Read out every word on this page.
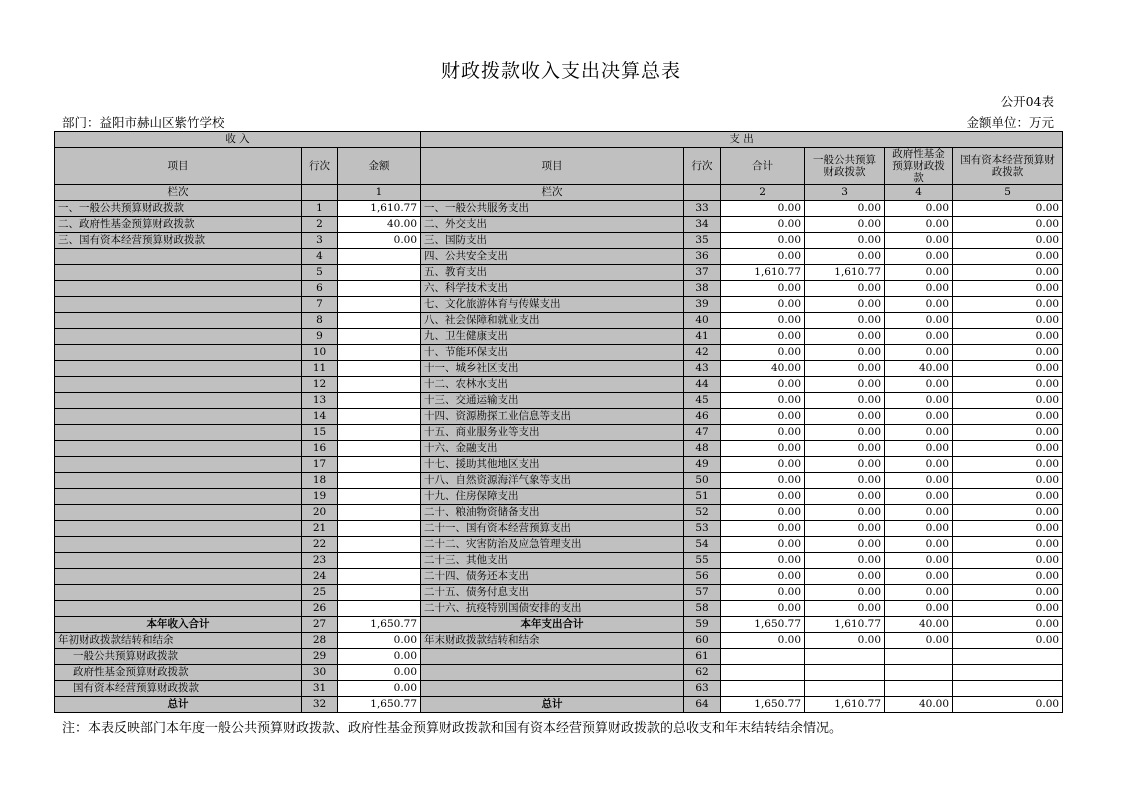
财政拨款收入支出决算总表
公开04表
部门：益阳市赫山区紫竹学校	金额单位：万元
收 入			支 出					
项目	行次	金额	项目	行次	合计	一般公共预算财政拨款	政府性基金预算财政拨款	国有资本经营预算财政拨款
栏次		1	栏次		2	3	4	5
一、一般公共预算财政拨款	1	1,610.77	一、一般公共服务支出	33	0.00	0.00	0.00	0.00
二、政府性基金预算财政拨款	2	40.00	二、外交支出	34	0.00	0.00	0.00	0.00
三、国有资本经营预算财政拨款	3	0.00	三、国防支出	35	0.00	0.00	0.00	0.00
	4		四、公共安全支出	36	0.00	0.00	0.00	0.00
	5		五、教育支出	37	1,610.77	1,610.77	0.00	0.00
	6		六、科学技术支出	38	0.00	0.00	0.00	0.00
	7		七、文化旅游体育与传媒支出	39	0.00	0.00	0.00	0.00
	8		八、社会保障和就业支出	40	0.00	0.00	0.00	0.00
	9		九、卫生健康支出	41	0.00	0.00	0.00	0.00
	10		十、节能环保支出	42	0.00	0.00	0.00	0.00
	11		十一、城乡社区支出	43	40.00	0.00	40.00	0.00
	12		十二、农林水支出	44	0.00	0.00	0.00	0.00
	13		十三、交通运输支出	45	0.00	0.00	0.00	0.00
	14		十四、资源勘探工业信息等支出	46	0.00	0.00	0.00	0.00
	15		十五、商业服务业等支出	47	0.00	0.00	0.00	0.00
	16		十六、金融支出	48	0.00	0.00	0.00	0.00
	17		十七、援助其他地区支出	49	0.00	0.00	0.00	0.00
	18		十八、自然资源海洋气象等支出	50	0.00	0.00	0.00	0.00
	19		十九、住房保障支出	51	0.00	0.00	0.00	0.00
	20		二十、粮油物资储备支出	52	0.00	0.00	0.00	0.00
	21		二十一、国有资本经营预算支出	53	0.00	0.00	0.00	0.00
	22		二十二、灾害防治及应急管理支出	54	0.00	0.00	0.00	0.00
	23		二十三、其他支出	55	0.00	0.00	0.00	0.00
	24		二十四、债务还本支出	56	0.00	0.00	0.00	0.00
	25		二十五、债务付息支出	57	0.00	0.00	0.00	0.00
	26		二十六、抗疫特别国债安排的支出	58	0.00	0.00	0.00	0.00
本年收入合计	27	1,650.77	本年支出合计	59	1,650.77	1,610.77	40.00	0.00
年初财政拨款结转和结余	28	0.00	年末财政拨款结转和结余	60	0.00	0.00	0.00	0.00
一般公共预算财政拨款	29	0.00		61				
政府性基金预算财政拨款	30	0.00		62				
国有资本经营预算财政拨款	31	0.00		63				
总计	32	1,650.77	总计	64	1,650.77	1,610.77	40.00	0.00
注：本表反映部门本年度一般公共预算财政拨款、政府性基金预算财政拨款和国有资本经营预算财政拨款的总收支和年末结转结余情况。
